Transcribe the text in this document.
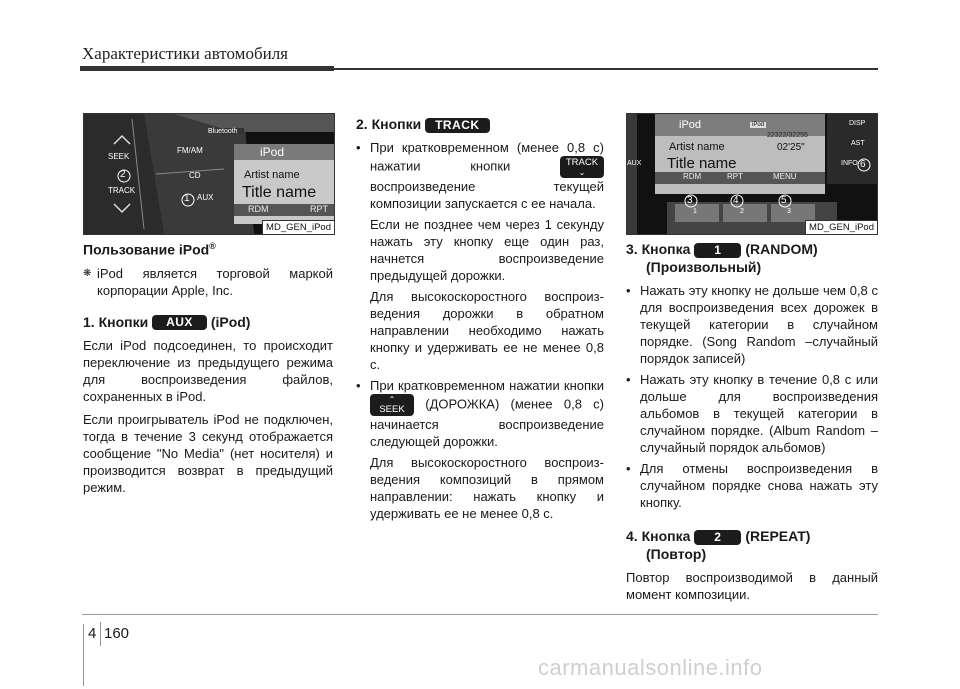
Характеристики автомобиля
Bluetooth
SEEK
TRACK
FM/AM
CD
AUX
2
1
iPod
Artist name
Title name
RDM	RPT
MD_GEN_iPod
iPod	iPod
22322/32255
02'25"
Artist name
Title name
RDM	RPT	MENU
DISP
AST
INFO
AUX	6
3	4	5
1	2	3
MD_GEN_iPod
Пользование iPod®

❋ iPod является торговой маркой корпорации Apple, Inc.

1. Кнопки AUX (iPod)

Если iPod подсоединен, то происходит переключение из предыдущего режима для воспроизведения файлов, сохраненных в iPod.

Если проигрыватель iPod не подключен, тогда в течение 3 секунд отображается сообщение "No Media" (нет носителя) и производится возврат в предыдущий режим.

2. Кнопки TRACK
• При кратковременном (менее 0,8 с) нажатии кнопки	TRACK
⌄
воспроизведение текущей композиции запускается с ее начала.
Если не позднее чем через 1 секунду нажать эту кнопку еще один раз, начнется воспроизведение предыдущей дорожки.
Для высокоскоростного воспроизведения дорожки в обратном направлении необходимо нажать кнопку и удерживать ее не менее 0,8 с.
• При кратковременном нажатии кнопки
⌃
SEEK	(ДОРОЖКА) (менее 0,8 с) начинается воспроизведение следующей дорожки.
Для высокоскоростного воспроизведения композиций в прямом направлении: нажать кнопку и удерживать ее не менее 0,8 с.
3. Кнопка 1 (RANDOM)
(Произвольный)
• Нажать эту кнопку не дольше чем 0,8 с для воспроизведения всех дорожек в текущей категории в случайном порядке. (Song Random –случайный порядок записей)
• Нажать эту кнопку в течение 0,8 с или дольше для воспроизведения альбомов в текущей категории в случайном порядке. (Album Random –случайный порядок альбомов)
• Для отмены воспроизведения в случайном порядке снова нажать эту кнопку.
4. Кнопка 2 (REPEAT)
(Повтор)

Повтор воспроизводимой в данный момент композиции.

4 160
carmanualsonline.info
